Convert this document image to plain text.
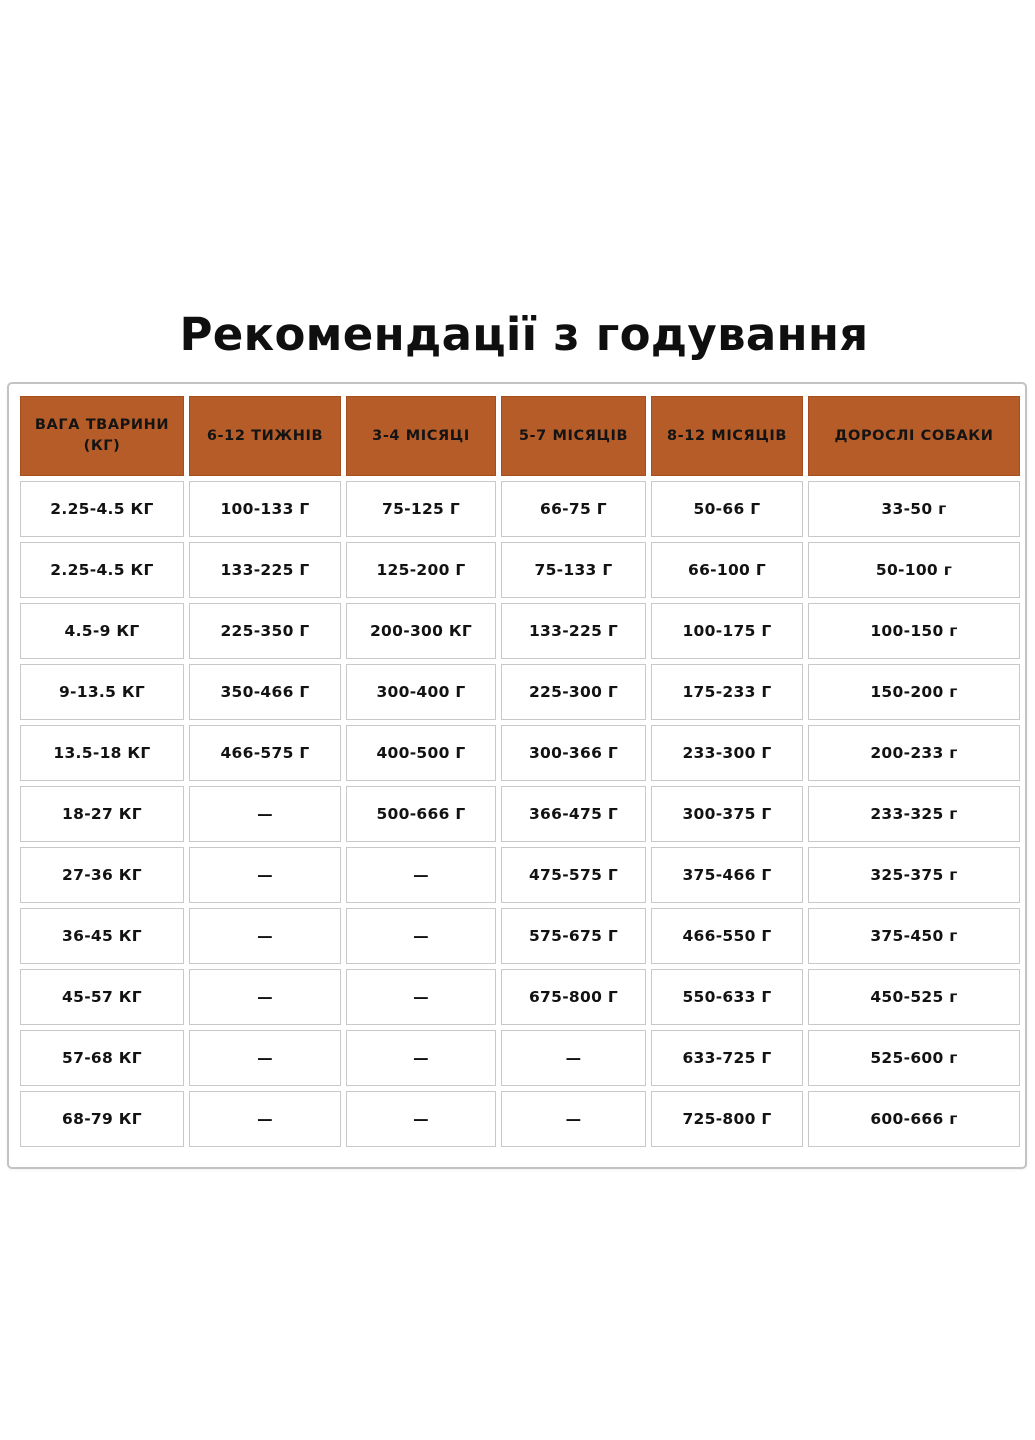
Рекомендації з годування
ВАГА ТВАРИНИ (КГ)	6-12 ТИЖНІВ	3-4 МІСЯЦІ	5-7 МІСЯЦІВ	8-12 МІСЯЦІВ	ДОРОСЛІ СОБАКИ
2.25-4.5 КГ	100-133 Г	75-125 Г	66-75 Г	50-66 Г	33-50 г
2.25-4.5 КГ	133-225 Г	125-200 Г	75-133 Г	66-100 Г	50-100 г
4.5-9 КГ	225-350 Г	200-300 КГ	133-225 Г	100-175 Г	100-150 г
9-13.5 КГ	350-466 Г	300-400 Г	225-300 Г	175-233 Г	150-200 г
13.5-18 КГ	466-575 Г	400-500 Г	300-366 Г	233-300 Г	200-233 г
18-27 КГ	—	500-666 Г	366-475 Г	300-375 Г	233-325 г
27-36 КГ	—	—	475-575 Г	375-466 Г	325-375 г
36-45 КГ	—	—	575-675 Г	466-550 Г	375-450 г
45-57 КГ	—	—	675-800 Г	550-633 Г	450-525 г
57-68 КГ	—	—	—	633-725 Г	525-600 г
68-79 КГ	—	—	—	725-800 Г	600-666 г
